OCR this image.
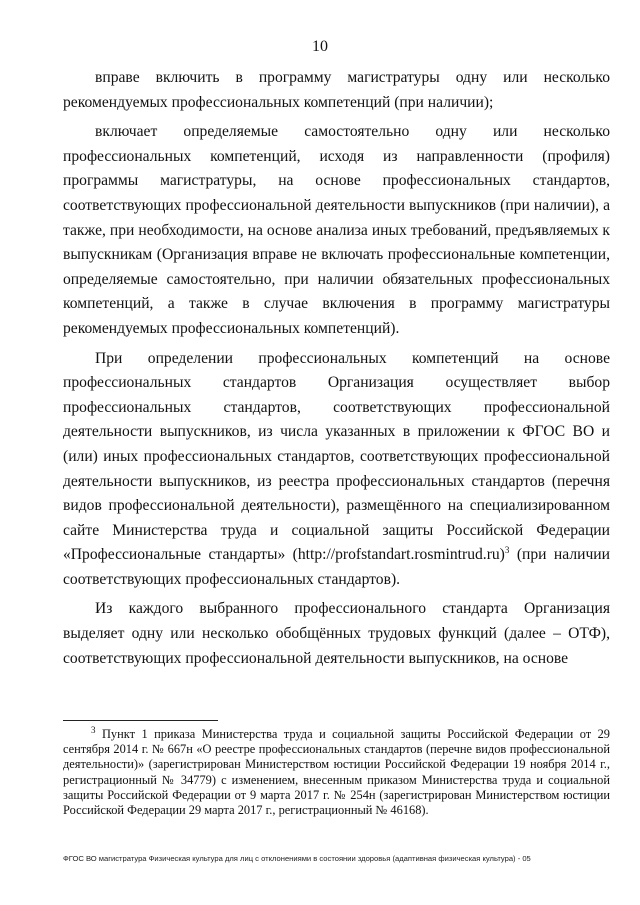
10

вправе включить в программу магистратуры одну или несколько рекомендуемых профессиональных компетенций (при наличии);

включает определяемые самостоятельно одну или несколько профессиональных компетенций, исходя из направленности (профиля) программы магистратуры, на основе профессиональных стандартов, соответствующих профессиональной деятельности выпускников (при наличии), а также, при необходимости, на основе анализа иных требований, предъявляемых к выпускникам (Организация вправе не включать профессиональные компетенции, определяемые самостоятельно, при наличии обязательных профессиональных компетенций, а также в случае включения в программу магистратуры рекомендуемых профессиональных компетенций).

При определении профессиональных компетенций на основе профессиональных стандартов Организация осуществляет выбор профессиональных стандартов, соответствующих профессиональной деятельности выпускников, из числа указанных в приложении к ФГОС ВО и (или) иных профессиональных стандартов, соответствующих профессиональной деятельности выпускников, из реестра профессиональных стандартов (перечня видов профессиональной деятельности), размещённого на специализированном сайте Министерства труда и социальной защиты Российской Федерации «Профессиональные стандарты» (http://profstandart.rosmintrud.ru)$^3$ (при наличии соответствующих профессиональных стандартов).

Из каждого выбранного профессионального стандарта Организация выделяет одну или несколько обобщённых трудовых функций (далее – ОТФ), соответствующих профессиональной деятельности выпускников, на основе

$^3$ Пункт 1 приказа Министерства труда и социальной защиты Российской Федерации от 29 сентября 2014 г. № 667н «О реестре профессиональных стандартов (перечне видов профессиональной деятельности)» (зарегистрирован Министерством юстиции Российской Федерации 19 ноября 2014 г., регистрационный № 34779) с изменением, внесенным приказом Министерства труда и социальной защиты Российской Федерации от 9 марта 2017 г. № 254н (зарегистрирован Министерством юстиции Российской Федерации 29 марта 2017 г., регистрационный № 46168).
ФГОС ВО магистратура Физическая культура для лиц с отклонениями в состоянии здоровья (адаптивная физическая культура) - 05
